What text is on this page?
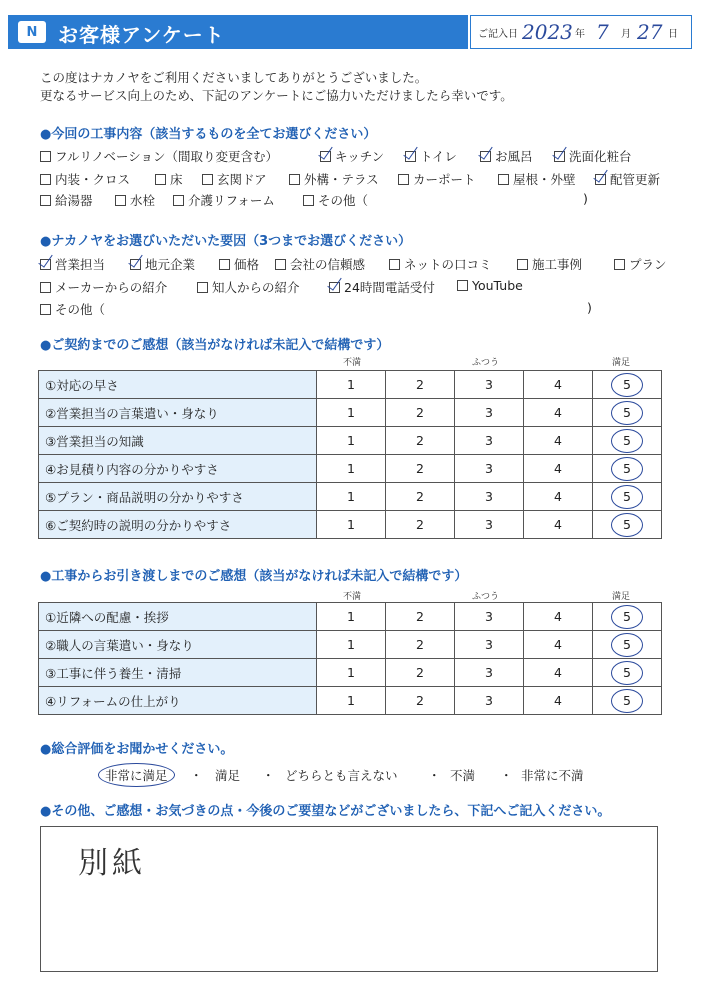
N お客様アンケート	ご記入日 2023 年 7 月 27 日
この度はナカノヤをご利用くださいましてありがとうございました。
更なるサービス向上のため、下記のアンケートにご協力いただけましたら幸いです。
●今回の工事内容（該当するものを全てお選びください）
フルリノベーション（間取り変更含む）	キッチン	トイレ	お風呂	洗面化粧台
内装・クロス	床	玄関ドア	外構・テラス	カーポート	屋根・外壁	配管更新
給湯器	水栓	介護リフォーム	その他（	)
●ナカノヤをお選びいただいた要因（3つまでお選びください）
営業担当	地元企業	価格 会社の信頼感	ネットの口コミ	施工事例	プラン
メーカーからの紹介	知人からの紹介	24時間電話受付	YouTube
その他（	)
●ご契約までのご感想（該当がなければ未記入で結構です）
不満	ふつう	満足
①対応の早さ	1	2	3	4	5
②営業担当の言葉遣い・身なり	1	2	3	4	5
③営業担当の知識	1	2	3	4	5
④お見積り内容の分かりやすさ	1	2	3	4	5
⑤プラン・商品説明の分かりやすさ	1	2	3	4	5
⑥ご契約時の説明の分かりやすさ	1	2	3	4	5
●工事からお引き渡しまでのご感想（該当がなければ未記入で結構です）
不満	ふつう	満足
①近隣への配慮・挨拶	1	2	3	4	5
②職人の言葉遣い・身なり	1	2	3	4	5
③工事に伴う養生・清掃	1	2	3	4	5
④リフォームの仕上がり	1	2	3	4	5
●総合評価をお聞かせください。
非常に満足	満足	どちらとも言えない	不満	非常に不満
・	・	・	・
●その他、ご感想・お気づきの点・今後のご要望などがございましたら、下記へご記入ください。
別紙
